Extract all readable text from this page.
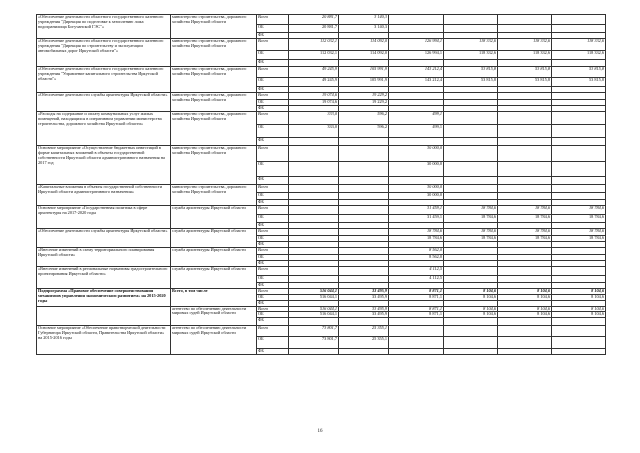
«Обеспечение деятельности областного государственного казенного учреждения "Дирекция по подготовке к затоплению ложа водохранилища Богучанской ГЭС"»	министерство строительства, дорожного хозяйства Иркутской области	Всего	20 881,7	3 140,3				
		ОБ	20 881,7	3 140,3				
		ФБ						
«Обеспечение деятельности областного государственного казенного учреждения "Дирекция по строительству и эксплуатации автомобильных дорог Иркутской области"»	министерство строительства, дорожного хозяйства Иркутской области	Всего	112 032,1	114 092,0	126 994,1	118 332,6	118 332,6	118 332,6
		ОБ	112 032,1	114 092,0	126 994,1	118 332,6	118 332,6	118 332,6
		ФБ						
«Обеспечение деятельности областного государственного казенного учреждения "Управление капитального строительства Иркутской области"»	министерство строительства, дорожного хозяйства Иркутской области	Всего	49 245,9	105 991,9	143 212,4	53 815,8	53 815,8	53 815,8
		ОБ	49 245,9	105 991,9	143 212,4	53 815,8	53 815,8	53 815,8
		ФБ						
«Обеспечение деятельности службы архитектуры Иркутской области»	министерство строительства, дорожного хозяйства Иркутской области	Всего	19 074,6	19 229,2				
		ОБ	19 074,6	19 229,2				
		ФБ						
«Расходы на содержание и оплату коммунальных услуг жилых помещений, находящихся в оперативном управлении министерства строительства, дорожного хозяйства Иркутской области»	министерство строительства, дорожного хозяйства Иркутской области	Всего	333,0	596,2	499,1			
		ОБ	333,0	596,2	499,1			
		ФБ						
Основное мероприятие «Осуществление бюджетных инвестиций в форме капитальных вложений в объекты государственной собственности Иркутской области административного назначения на 2017 год	министерство строительства, дорожного хозяйства Иркутской области	Всего			30 000,0			
		ОБ			30 000,0			
		ФБ						
«Капитальные вложения в объекты государственной собственности Иркутской области административного назначения»	министерство строительства, дорожного хозяйства Иркутской области	Всего			30 000,0			
		ОБ			30 000,0			
		ФБ						
Основное мероприятие «Государственная политика в сфере архитектуры на 2017-2020 годы	служба архитектуры Иркутской области	Всего			31 459,1	18 784,6	18 784,6	18 784,6
		ОБ			31 459,1	18 784,6	18 784,6	18 784,6
		ФБ						
«Обеспечение деятельности службы архитектуры Иркутской области»	служба архитектуры Иркутской области	Всего			18 784,6	18 784,6	18 784,6	18 784,6
		ОБ			18 784,6	18 784,6	18 784,6	18 784,6
		ФБ						
«Внесение изменений в схему территориального планирования Иркутской области»	служба архитектуры Иркутской области	Всего			8 562,0			
		ОБ			8 562,0			
		ФБ						
«Внесение изменений в региональные нормативы градостроительного проектирования Иркутской области»	служба архитектуры Иркутской области	Всего			4 112,5			
		ОБ			4 112,5			
		ФБ						
Подпрограмма «Правовое обеспечение совершенствования механизмов управления экономическим развитием» на 2015-2020 годы	Всего, в том числе	Всего	516 044,1	33 495,9	8 871,1	8 104,6	8 104,6	8 104,6
		ОБ	516 044,1	33 495,9	8 871,1	8 104,6	8 104,6	8 104,6
		ФБ						
	агентство по обеспечению деятельности мировых судей Иркутской области	Всего	516 044,1	33 495,9	8 871,1	8 104,6	8 104,6	8 104,6
		ОБ	516 044,1	33 495,9	8 871,1	8 104,6	8 104,6	8 104,6
		ФБ						
Основное мероприятие «Обеспечение правотворческой деятельности Губернатора Иркутской области, Правительства Иркутской области» на 2015-2016 годы	агентство по обеспечению деятельности мировых судей Иркутской области	Всего	73 801,7	25 355,1				
		ОБ	73 801,7	25 355,1				
		ФБ						
16
